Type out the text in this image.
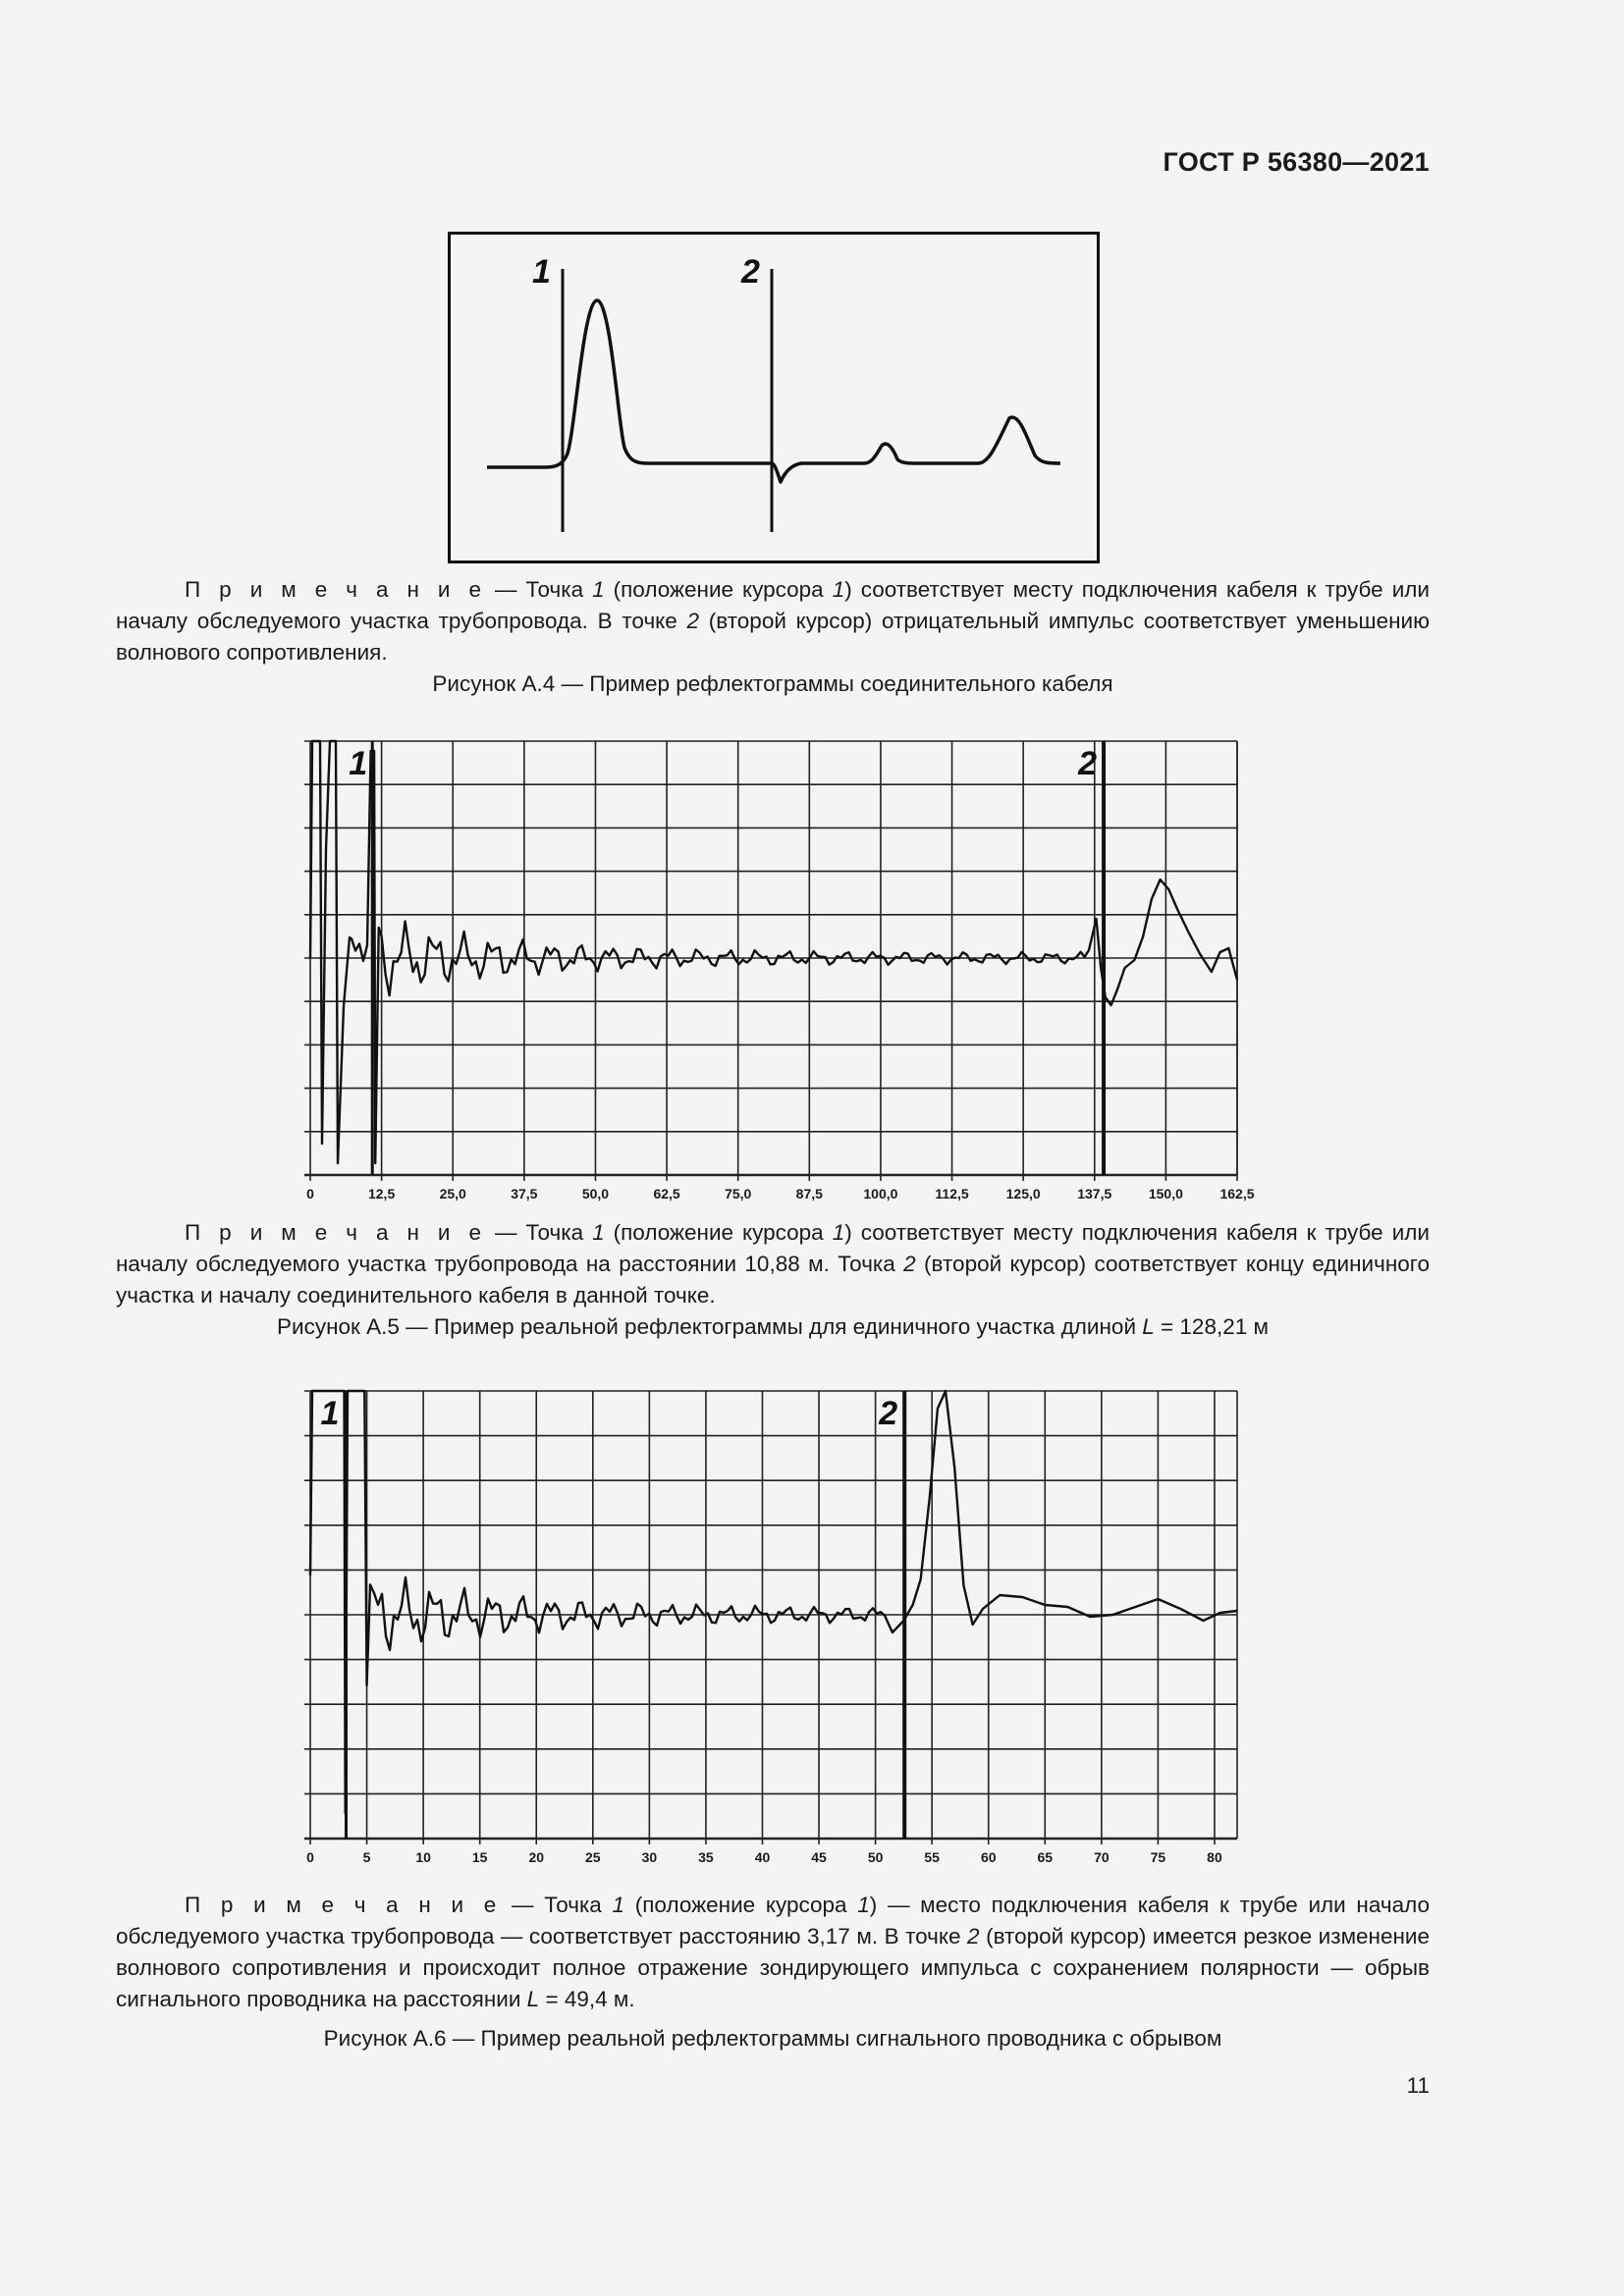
ГОСТ Р 56380—2021
1	2
П р и м е ч а н и е — Точка 1 (положение курсора 1) соответствует месту подключения кабеля к трубе или началу обследуемого участка трубопровода. В точке 2 (второй курсор) отрицательный импульс соответствует уменьшению волнового сопротивления.
Рисунок А.4 — Пример рефлектограммы соединительного кабеля
0	12,5	25,0	37,5	50,0	62,5	75,0	87,5	100,0	112,5	125,0	137,5	150,0	162,5
1	2
П р и м е ч а н и е — Точка 1 (положение курсора 1) соответствует месту подключения кабеля к трубе или началу обследуемого участка трубопровода на расстоянии 10,88 м. Точка 2 (второй курсор) соответствует концу единичного участка и началу соединительного кабеля в данной точке.
Рисунок А.5 — Пример реальной рефлектограммы для единичного участка длиной L = 128,21 м
0	5	10	15	20	25	30	35	40	45	50	55	60	65	70	75	80
1	2
П р и м е ч а н и е — Точка 1 (положение курсора 1) — место подключения кабеля к трубе или начало обследуемого участка трубопровода — соответствует расстоянию 3,17 м. В точке 2 (второй курсор) имеется резкое изменение волнового сопротивления и происходит полное отражение зондирующего импульса с сохранением полярности — обрыв сигнального проводника на расстоянии L = 49,4 м.
Рисунок А.6 — Пример реальной рефлектограммы сигнального проводника с обрывом
11
